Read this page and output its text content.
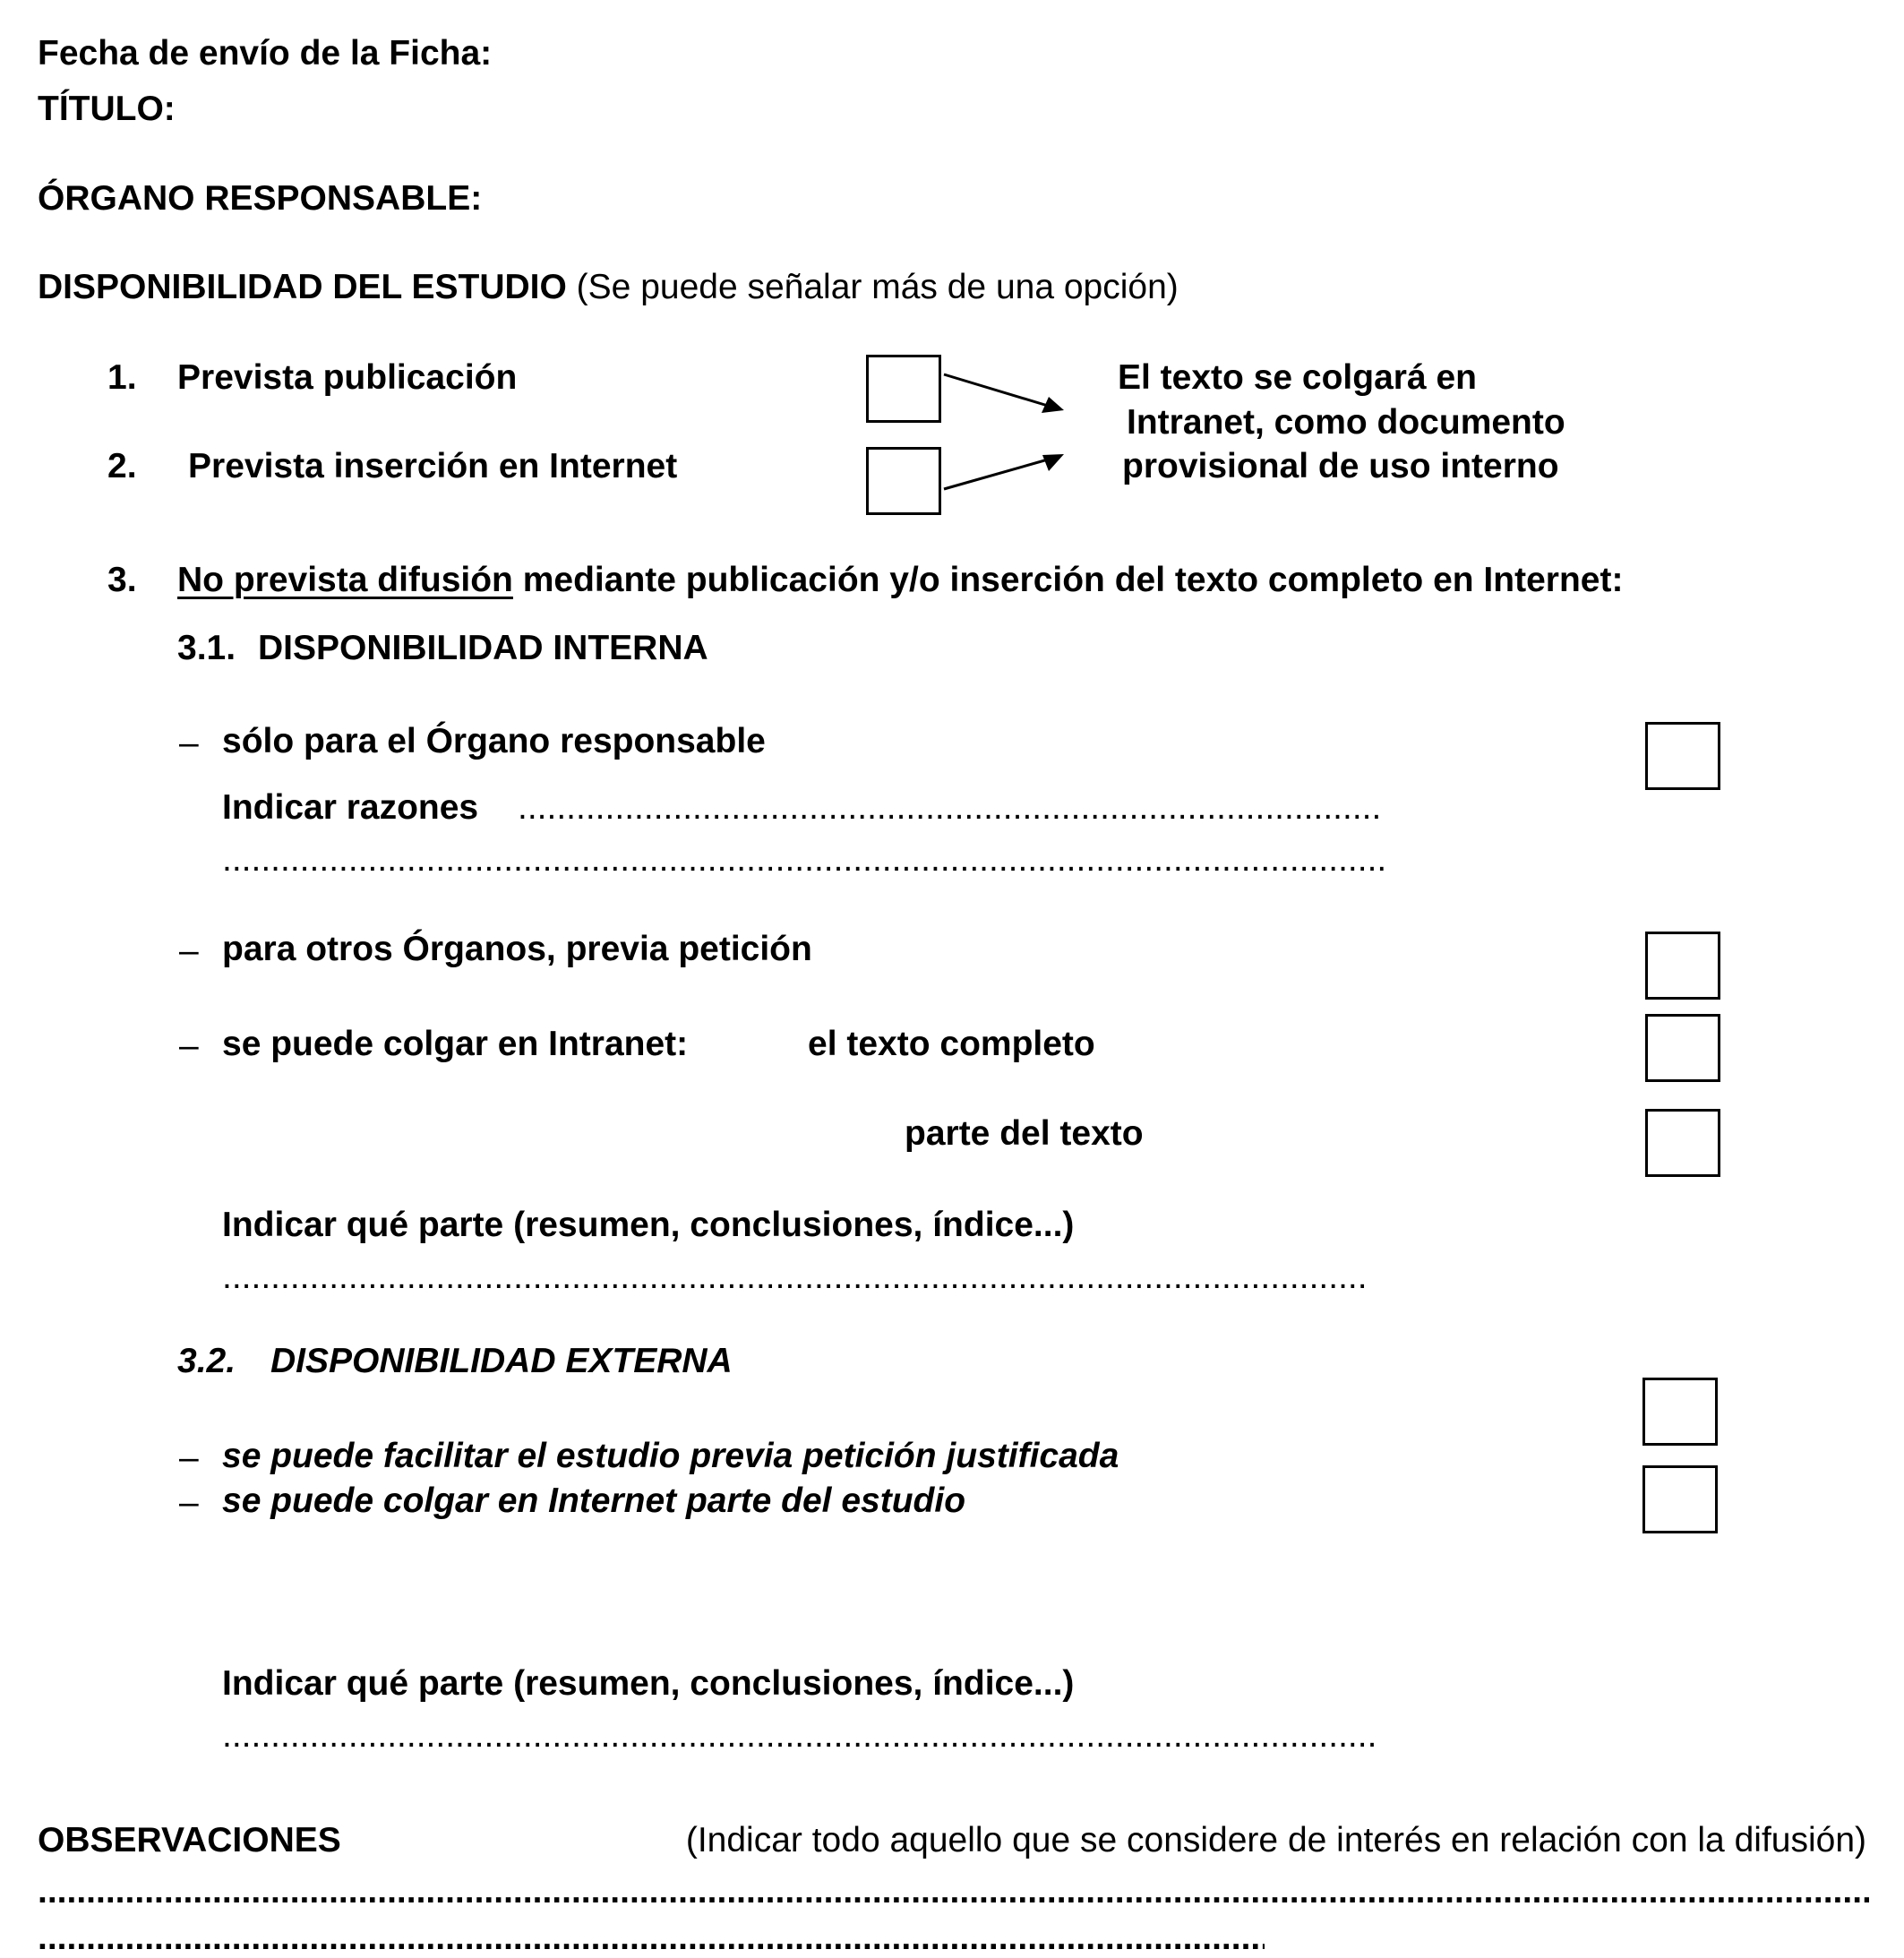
Fecha de envío de la Ficha:
TÍTULO:
ÓRGANO RESPONSABLE:
DISPONIBILIDAD DEL ESTUDIO (Se puede señalar más de una opción)
1. Prevista publicación
2. Prevista inserción en Internet
El texto se colgará en
Intranet, como documento
provisional de uso interno
3. No prevista difusión mediante publicación y/o inserción del texto completo en Internet:
3.1. DISPONIBILIDAD INTERNA
– sólo para el Órgano responsable
Indicar razones
.....
.....
– para otros Órganos, previa petición
– se puede colgar en Intranet:	el texto completo
parte del texto
Indicar qué parte (resumen, conclusiones, índice...)
.....
3.2. DISPONIBILIDAD EXTERNA
– se puede facilitar el estudio previa petición justificada
– se puede colgar en Internet parte del estudio
Indicar qué parte (resumen, conclusiones, índice...)
.....
OBSERVACIONES	(Indicar todo aquello que se considere de interés en relación con la difusión)
.....
.....
